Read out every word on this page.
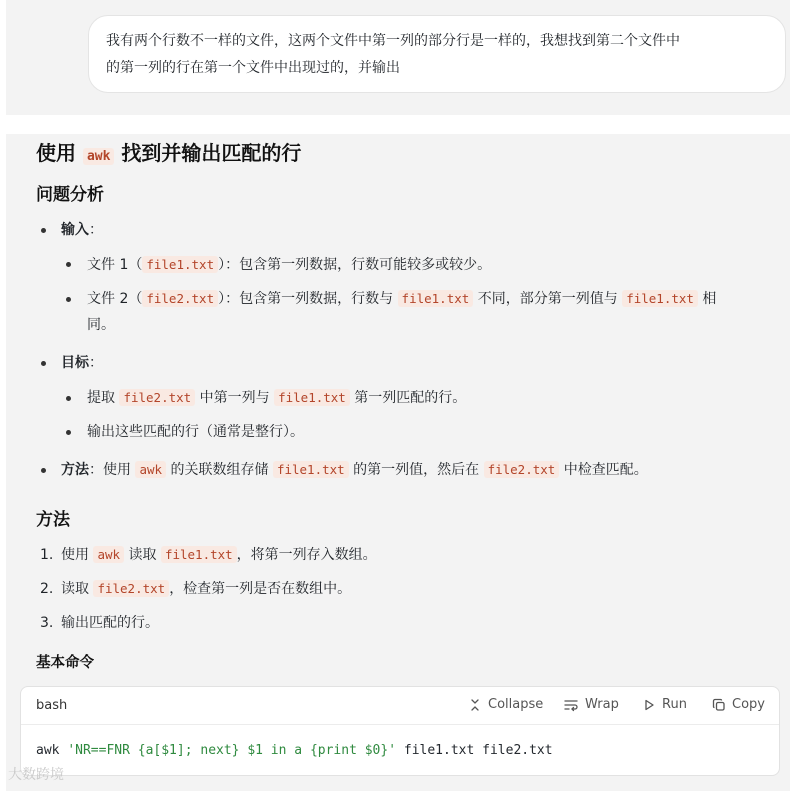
我有两个行数不一样的文件，这两个文件中第一列的部分行是一样的，我想找到第二个文件中
的第一列的行在第一个文件中出现过的，并输出
使用 awk 找到并输出匹配的行
问题分析
输入：
文件 1（ file1.txt ）：包含第一列数据，行数可能较多或较少。
文件 2（ file2.txt ）：包含第一列数据，行数与 file1.txt 不同，部分第一列值与 file1.txt 相
同。
目标：
提取 file2.txt 中第一列与 file1.txt 第一列匹配的行。
输出这些匹配的行（通常是整行）。
方法：使用 awk 的关联数组存储 file1.txt 的第一列值，然后在 file2.txt 中检查匹配。
方法
1. 使用 awk 读取 file1.txt ，将第一列存入数组。
2. 读取 file2.txt ，检查第一列是否在数组中。
3. 输出匹配的行。
基本命令
bash	Collapse	Wrap	Run	Copy
awk 'NR==FNR {a[$1]; next} $1 in a {print $0}' file1.txt file2.txt
大数跨境
